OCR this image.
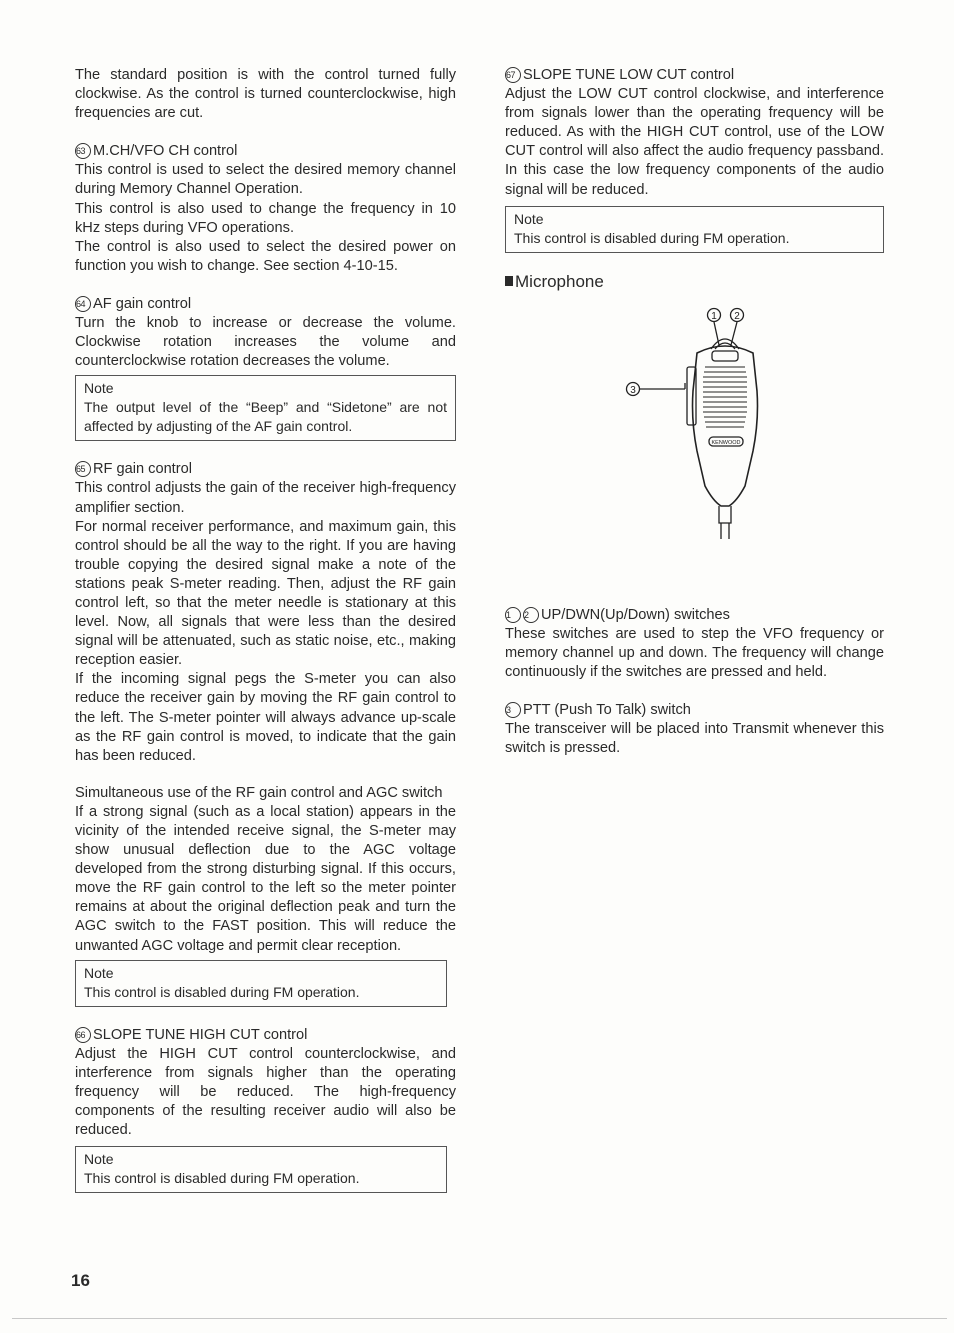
The standard position is with the control turned fully clockwise. As the control is turned counterclockwise, high frequencies are cut.

63 M.CH/VFO CH control

This control is used to select the desired memory channel during Memory Channel Operation.

This control is also used to change the frequency in 10 kHz steps during VFO operations.

The control is also used to select the desired power on function you wish to change. See section 4-10-15.

64 AF gain control

Turn the knob to increase or decrease the volume. Clockwise rotation increases the volume and counterclockwise rotation decreases the volume.

Note

The output level of the “Beep” and “Sidetone” are not affected by adjusting of the AF gain control.

65 RF gain control

This control adjusts the gain of the receiver high-frequency amplifier section.

For normal receiver performance, and maximum gain, this control should be all the way to the right. If you are having trouble copying the desired signal make a note of the stations peak S-meter reading. Then, adjust the RF gain control left, so that the meter needle is stationary at this level. Now, all signals that were less than the desired signal will be attenuated, such as static noise, etc., making reception easier.

If the incoming signal pegs the S-meter you can also reduce the receiver gain by moving the RF gain control to the left. The S-meter pointer will always advance up-scale as the RF gain control is moved, to indicate that the gain has been reduced.

Simultaneous use of the RF gain control and AGC switch

If a strong signal (such as a local station) appears in the vicinity of the intended receive signal, the S-meter may show unusual deflection due to the AGC voltage developed from the strong disturbing signal. If this occurs, move the RF gain control to the left so the meter pointer remains at about the original deflection peak and turn the AGC switch to the FAST position. This will reduce the unwanted AGC voltage and permit clear reception.

Note

This control is disabled during FM operation.

66 SLOPE TUNE HIGH CUT control

Adjust the HIGH CUT control counterclockwise, and interference from signals higher than the operating frequency will be reduced. The high-frequency components of the resulting receiver audio will also be reduced.

Note

This control is disabled during FM operation.

67 SLOPE TUNE LOW CUT control

Adjust the LOW CUT control clockwise, and interference from signals lower than the operating frequency will be reduced. As with the HIGH CUT control, use of the LOW CUT control will also affect the audio frequency passband. In this case the low frequency components of the audio signal will be reduced.

Note

This control is disabled during FM operation.

Microphone
1 2
3
KENWOOD

1 2 UP/DWN(Up/Down) switches

These switches are used to step the VFO frequency or memory channel up and down. The frequency will change continuously if the switches are pressed and held.

3 PTT (Push To Talk) switch

The transceiver will be placed into Transmit whenever this switch is pressed.

16
